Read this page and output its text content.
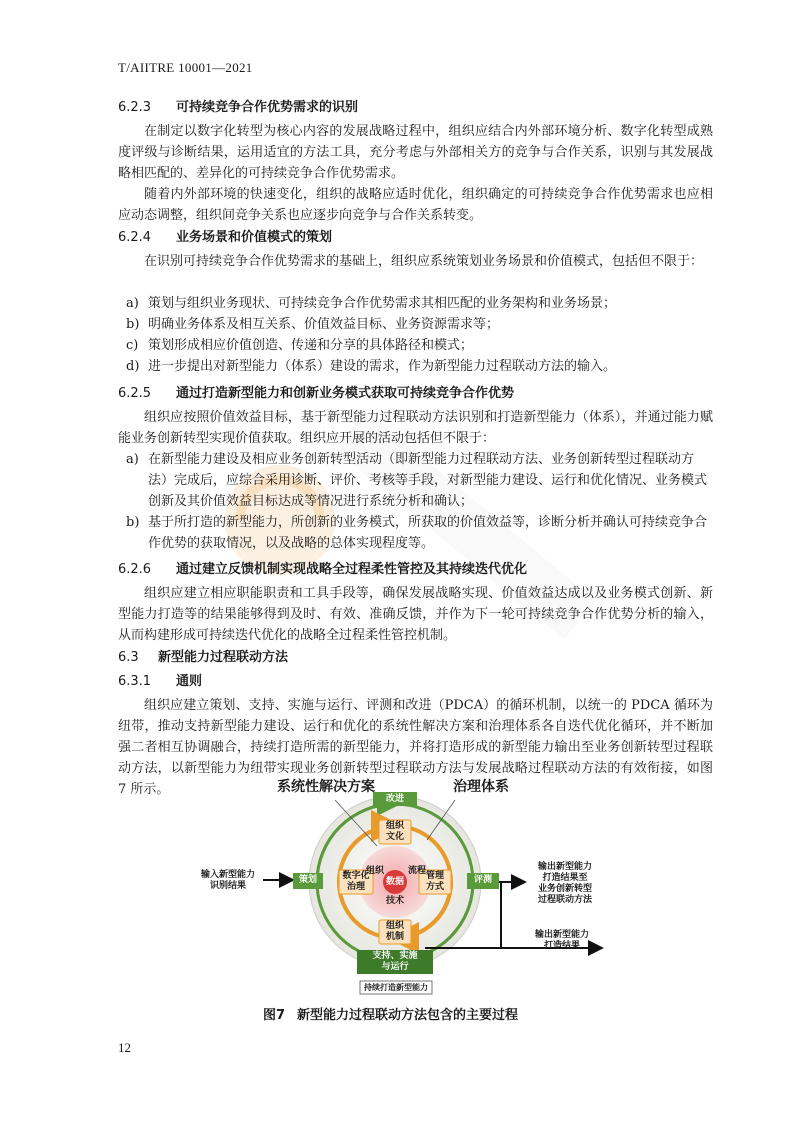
T/AIITRE 10001—2021
6.2.3 可持续竞争合作优势需求的识别
在制定以数字化转型为核心内容的发展战略过程中，组织应结合内外部环境分析、数字化转型成熟度评级与诊断结果，运用适宜的方法工具，充分考虑与外部相关方的竞争与合作关系，识别与其发展战略相匹配的、差异化的可持续竞争合作优势需求。
随着内外部环境的快速变化，组织的战略应适时优化，组织确定的可持续竞争合作优势需求也应相应动态调整，组织间竞争关系也应逐步向竞争与合作关系转变。
6.2.4 业务场景和价值模式的策划
在识别可持续竞争合作优势需求的基础上，组织应系统策划业务场景和价值模式，包括但不限于：
a) 策划与组织业务现状、可持续竞争合作优势需求其相匹配的业务架构和业务场景；
b) 明确业务体系及相互关系、价值效益目标、业务资源需求等；
c) 策划形成相应价值创造、传递和分享的具体路径和模式；
d) 进一步提出对新型能力（体系）建设的需求，作为新型能力过程联动方法的输入。
6.2.5 通过打造新型能力和创新业务模式获取可持续竞争合作优势
组织应按照价值效益目标，基于新型能力过程联动方法识别和打造新型能力（体系），并通过能力赋能业务创新转型实现价值获取。组织应开展的活动包括但不限于：
a) 在新型能力建设及相应业务创新转型活动（即新型能力过程联动方法、业务创新转型过程联动方法）完成后，应综合采用诊断、评价、考核等手段，对新型能力建设、运行和优化情况、业务模式创新及其价值效益目标达成等情况进行系统分析和确认；
b) 基于所打造的新型能力，所创新的业务模式，所获取的价值效益等，诊断分析并确认可持续竞争合作优势的获取情况，以及战略的总体实现程度等。
6.2.6 通过建立反馈机制实现战略全过程柔性管控及其持续迭代优化
组织应建立相应职能职责和工具手段等，确保发展战略实现、价值效益达成以及业务模式创新、新型能力打造等的结果能够得到及时、有效、准确反馈，并作为下一轮可持续竞争合作优势分析的输入，从而构建形成可持续迭代优化的战略全过程柔性管控机制。
6.3 新型能力过程联动方法
6.3.1 通则
组织应建立策划、支持、实施与运行、评测和改进（PDCA）的循环机制，以统一的 PDCA 循环为纽带，推动支持新型能力建设、运行和优化的系统性解决方案和治理体系各自迭代优化循环，并不断加强二者相互协调融合，持续打造所需的新型能力，并将打造形成的新型能力输出至业务创新转型过程联动方法，以新型能力为纽带实现业务创新转型过程联动方法与发展战略过程联动方法的有效衔接，如图 7 所示。	系统性解决方案	治理体系
改进
策划	评测
支持、实施
与运行
组织
文化
数字化
治理
管理
方式
组织
机制
组织	流程
数据
技术
输入新型能力
识别结果
输出新型能力
打造结果至
业务创新转型
过程联动方法
输出新型能力
打造结果
持续打造新型能力
图7 新型能力过程联动方法包含的主要过程
12
